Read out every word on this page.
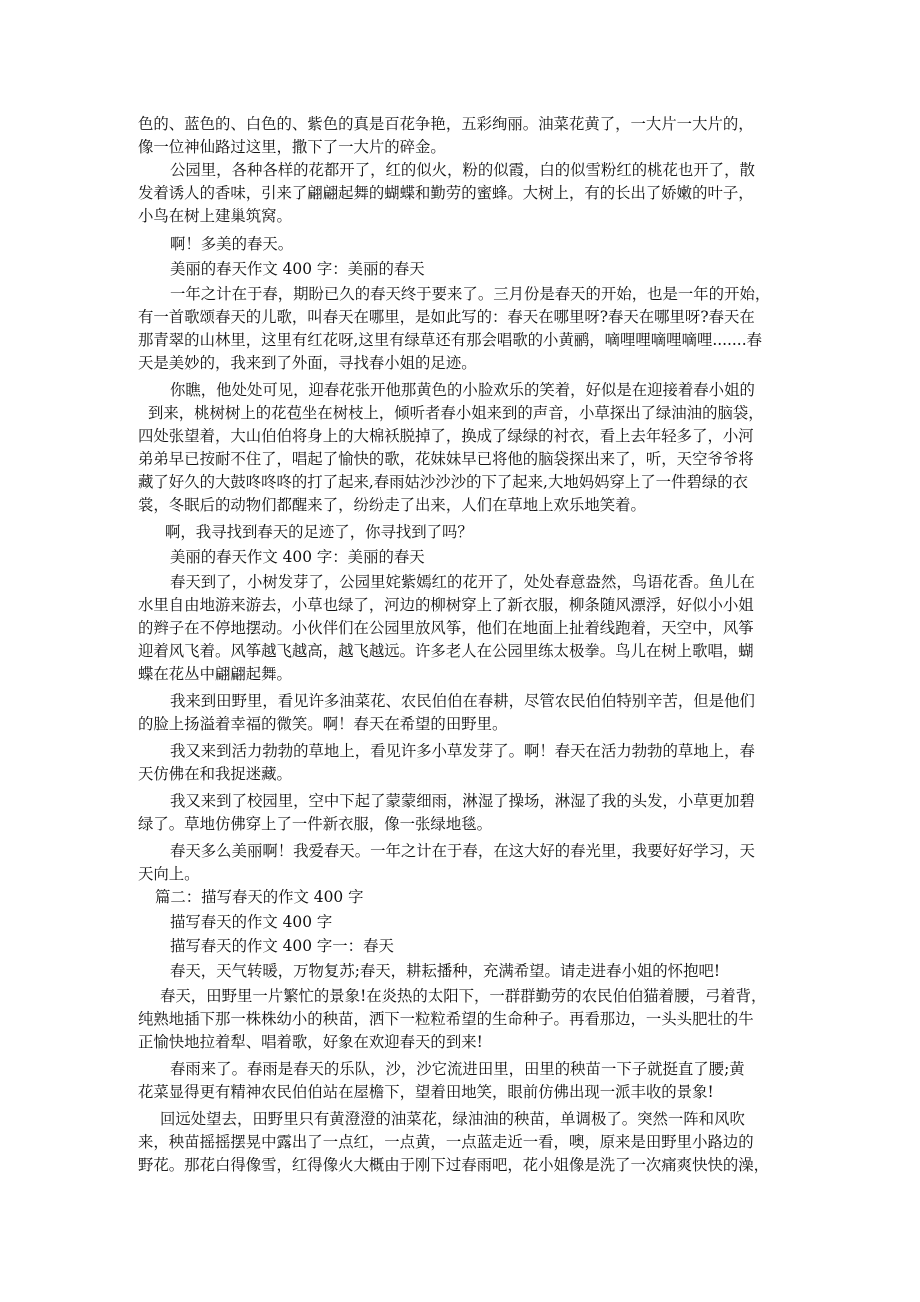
色的、蓝色的、白色的、紫色的真是百花争艳，五彩绚丽。油菜花黄了，一大片一大片的，

像一位神仙路过这里，撒下了一大片的碎金。

公园里，各种各样的花都开了，红的似火，粉的似霞，白的似雪粉红的桃花也开了，散

发着诱人的香味，引来了翩翩起舞的蝴蝶和勤劳的蜜蜂。大树上，有的长出了娇嫩的叶子，

小鸟在树上建巢筑窝。

啊！多美的春天。

美丽的春天作文 400 字：美丽的春天

一年之计在于春，期盼已久的春天终于要来了。三月份是春天的开始，也是一年的开始，

有一首歌颂春天的儿歌，叫春天在哪里，是如此写的：春天在哪里呀?春天在哪里呀?春天在

那青翠的山林里，这里有红花呀,这里有绿草还有那会唱歌的小黄鹂，嘀哩哩嘀哩嘀哩.......春

天是美妙的，我来到了外面，寻找春小姐的足迹。

你瞧，他处处可见，迎春花张开他那黄色的小脸欢乐的笑着，好似是在迎接着春小姐的

到来，桃树树上的花苞坐在树枝上，倾听者春小姐来到的声音，小草探出了绿油油的脑袋，

四处张望着，大山伯伯将身上的大棉袄脱掉了，换成了绿绿的衬衣，看上去年轻多了，小河

弟弟早已按耐不住了，唱起了愉快的歌，花妹妹早已将他的脑袋探出来了，听，天空爷爷将

藏了好久的大鼓咚咚咚的打了起来,春雨姑沙沙沙的下了起来,大地妈妈穿上了一件碧绿的衣

裳，冬眠后的动物们都醒来了，纷纷走了出来，人们在草地上欢乐地笑着。

啊，我寻找到春天的足迹了，你寻找到了吗？

美丽的春天作文 400 字：美丽的春天

春天到了，小树发芽了，公园里姹紫嫣红的花开了，处处春意盎然，鸟语花香。鱼儿在

水里自由地游来游去，小草也绿了，河边的柳树穿上了新衣服，柳条随风漂浮，好似小小姐

的辫子在不停地摆动。小伙伴们在公园里放风筝，他们在地面上扯着线跑着，天空中，风筝

迎着风飞着。风筝越飞越高，越飞越远。许多老人在公园里练太极拳。鸟儿在树上歌唱，蝴

蝶在花丛中翩翩起舞。

我来到田野里，看见许多油菜花、农民伯伯在春耕，尽管农民伯伯特别辛苦，但是他们

的脸上扬溢着幸福的微笑。啊！春天在希望的田野里。

我又来到活力勃勃的草地上，看见许多小草发芽了。啊！春天在活力勃勃的草地上，春

天仿佛在和我捉迷藏。

我又来到了校园里，空中下起了蒙蒙细雨，淋湿了操场，淋湿了我的头发，小草更加碧

绿了。草地仿佛穿上了一件新衣服，像一张绿地毯。

春天多么美丽啊！我爱春天。一年之计在于春，在这大好的春光里，我要好好学习，天

天向上。

篇二：描写春天的作文 400 字

描写春天的作文 400 字

描写春天的作文 400 字一：春天

春天，天气转暖，万物复苏;春天，耕耘播种，充满希望。请走进春小姐的怀抱吧!

春天，田野里一片繁忙的景象!在炎热的太阳下，一群群勤劳的农民伯伯猫着腰，弓着背，

纯熟地插下那一株株幼小的秧苗，洒下一粒粒希望的生命种子。再看那边，一头头肥壮的牛

正愉快地拉着犁、唱着歌，好象在欢迎春天的到来!

春雨来了。春雨是春天的乐队，沙，沙它流进田里，田里的秧苗一下子就挺直了腰;黄

花菜显得更有精神农民伯伯站在屋檐下，望着田地笑，眼前仿佛出现一派丰收的景象!

回远处望去，田野里只有黄澄澄的油菜花，绿油油的秧苗，单调极了。突然一阵和风吹

来，秧苗摇摇摆晃中露出了一点红，一点黄，一点蓝走近一看，噢，原来是田野里小路边的

野花。那花白得像雪，红得像火大概由于刚下过春雨吧，花小姐像是洗了一次痛爽快快的澡，
